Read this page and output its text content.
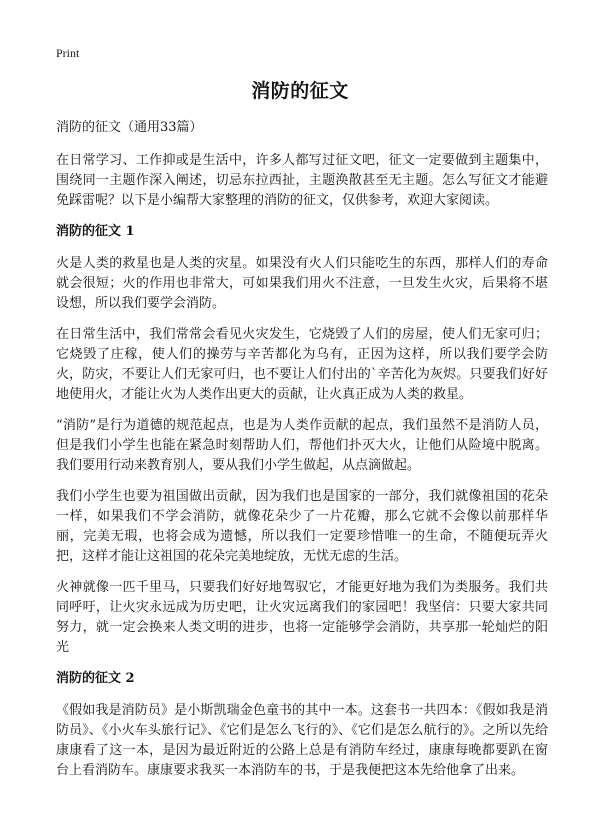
Print
消防的征文

消防的征文（通用33篇）

在日常学习、工作抑或是生活中，许多人都写过征文吧，征文一定要做到主题集中，围绕同一主题作深入阐述，切忌东拉西扯，主题涣散甚至无主题。怎么写征文才能避免踩雷呢？以下是小编帮大家整理的消防的征文，仅供参考，欢迎大家阅读。

消防的征文 1

火是人类的救星也是人类的灾星。如果没有火人们只能吃生的东西，那样人们的寿命就会很短；火的作用也非常大，可如果我们用火不注意，一旦发生火灾，后果将不堪设想，所以我们要学会消防。

在日常生活中，我们常常会看见火灾发生，它烧毁了人们的房屋，使人们无家可归；它烧毁了庄稼，使人们的操劳与辛苦都化为乌有，正因为这样，所以我们要学会防火，防灾，不要让人们无家可归，也不要让人们付出的`辛苦化为灰烬。只要我们好好地使用火，才能让火为人类作出更大的贡献，让火真正成为人类的救星。

“消防”是行为道德的规范起点，也是为人类作贡献的起点，我们虽然不是消防人员，但是我们小学生也能在紧急时刻帮助人们，帮他们扑灭大火，让他们从险境中脱离。我们要用行动来教育别人，要从我们小学生做起，从点滴做起。

我们小学生也要为祖国做出贡献，因为我们也是国家的一部分，我们就像祖国的花朵一样，如果我们不学会消防，就像花朵少了一片花瓣，那么它就不会像以前那样华丽，完美无瑕，也将会成为遗憾，所以我们一定要珍惜唯一的生命，不随便玩弄火把，这样才能让这祖国的花朵完美地绽放，无忧无虑的生活。

火神就像一匹千里马，只要我们好好地驾驭它，才能更好地为我们为类服务。我们共同呼吁，让火灾永远成为历史吧，让火灾远离我们的家园吧！我坚信：只要大家共同努力，就一定会换来人类文明的进步，也将一定能够学会消防，共享那一轮灿烂的阳光

消防的征文 2

《假如我是消防员》是小斯凯瑞金色童书的其中一本。这套书一共四本：《假如我是消防员》、《小火车头旅行记》、《它们是怎么飞行的》、《它们是怎么航行的》。之所以先给康康看了这一本，是因为最近附近的公路上总是有消防车经过，康康每晚都要趴在窗台上看消防车。康康要求我买一本消防车的书，于是我便把这本先给他拿了出来。
